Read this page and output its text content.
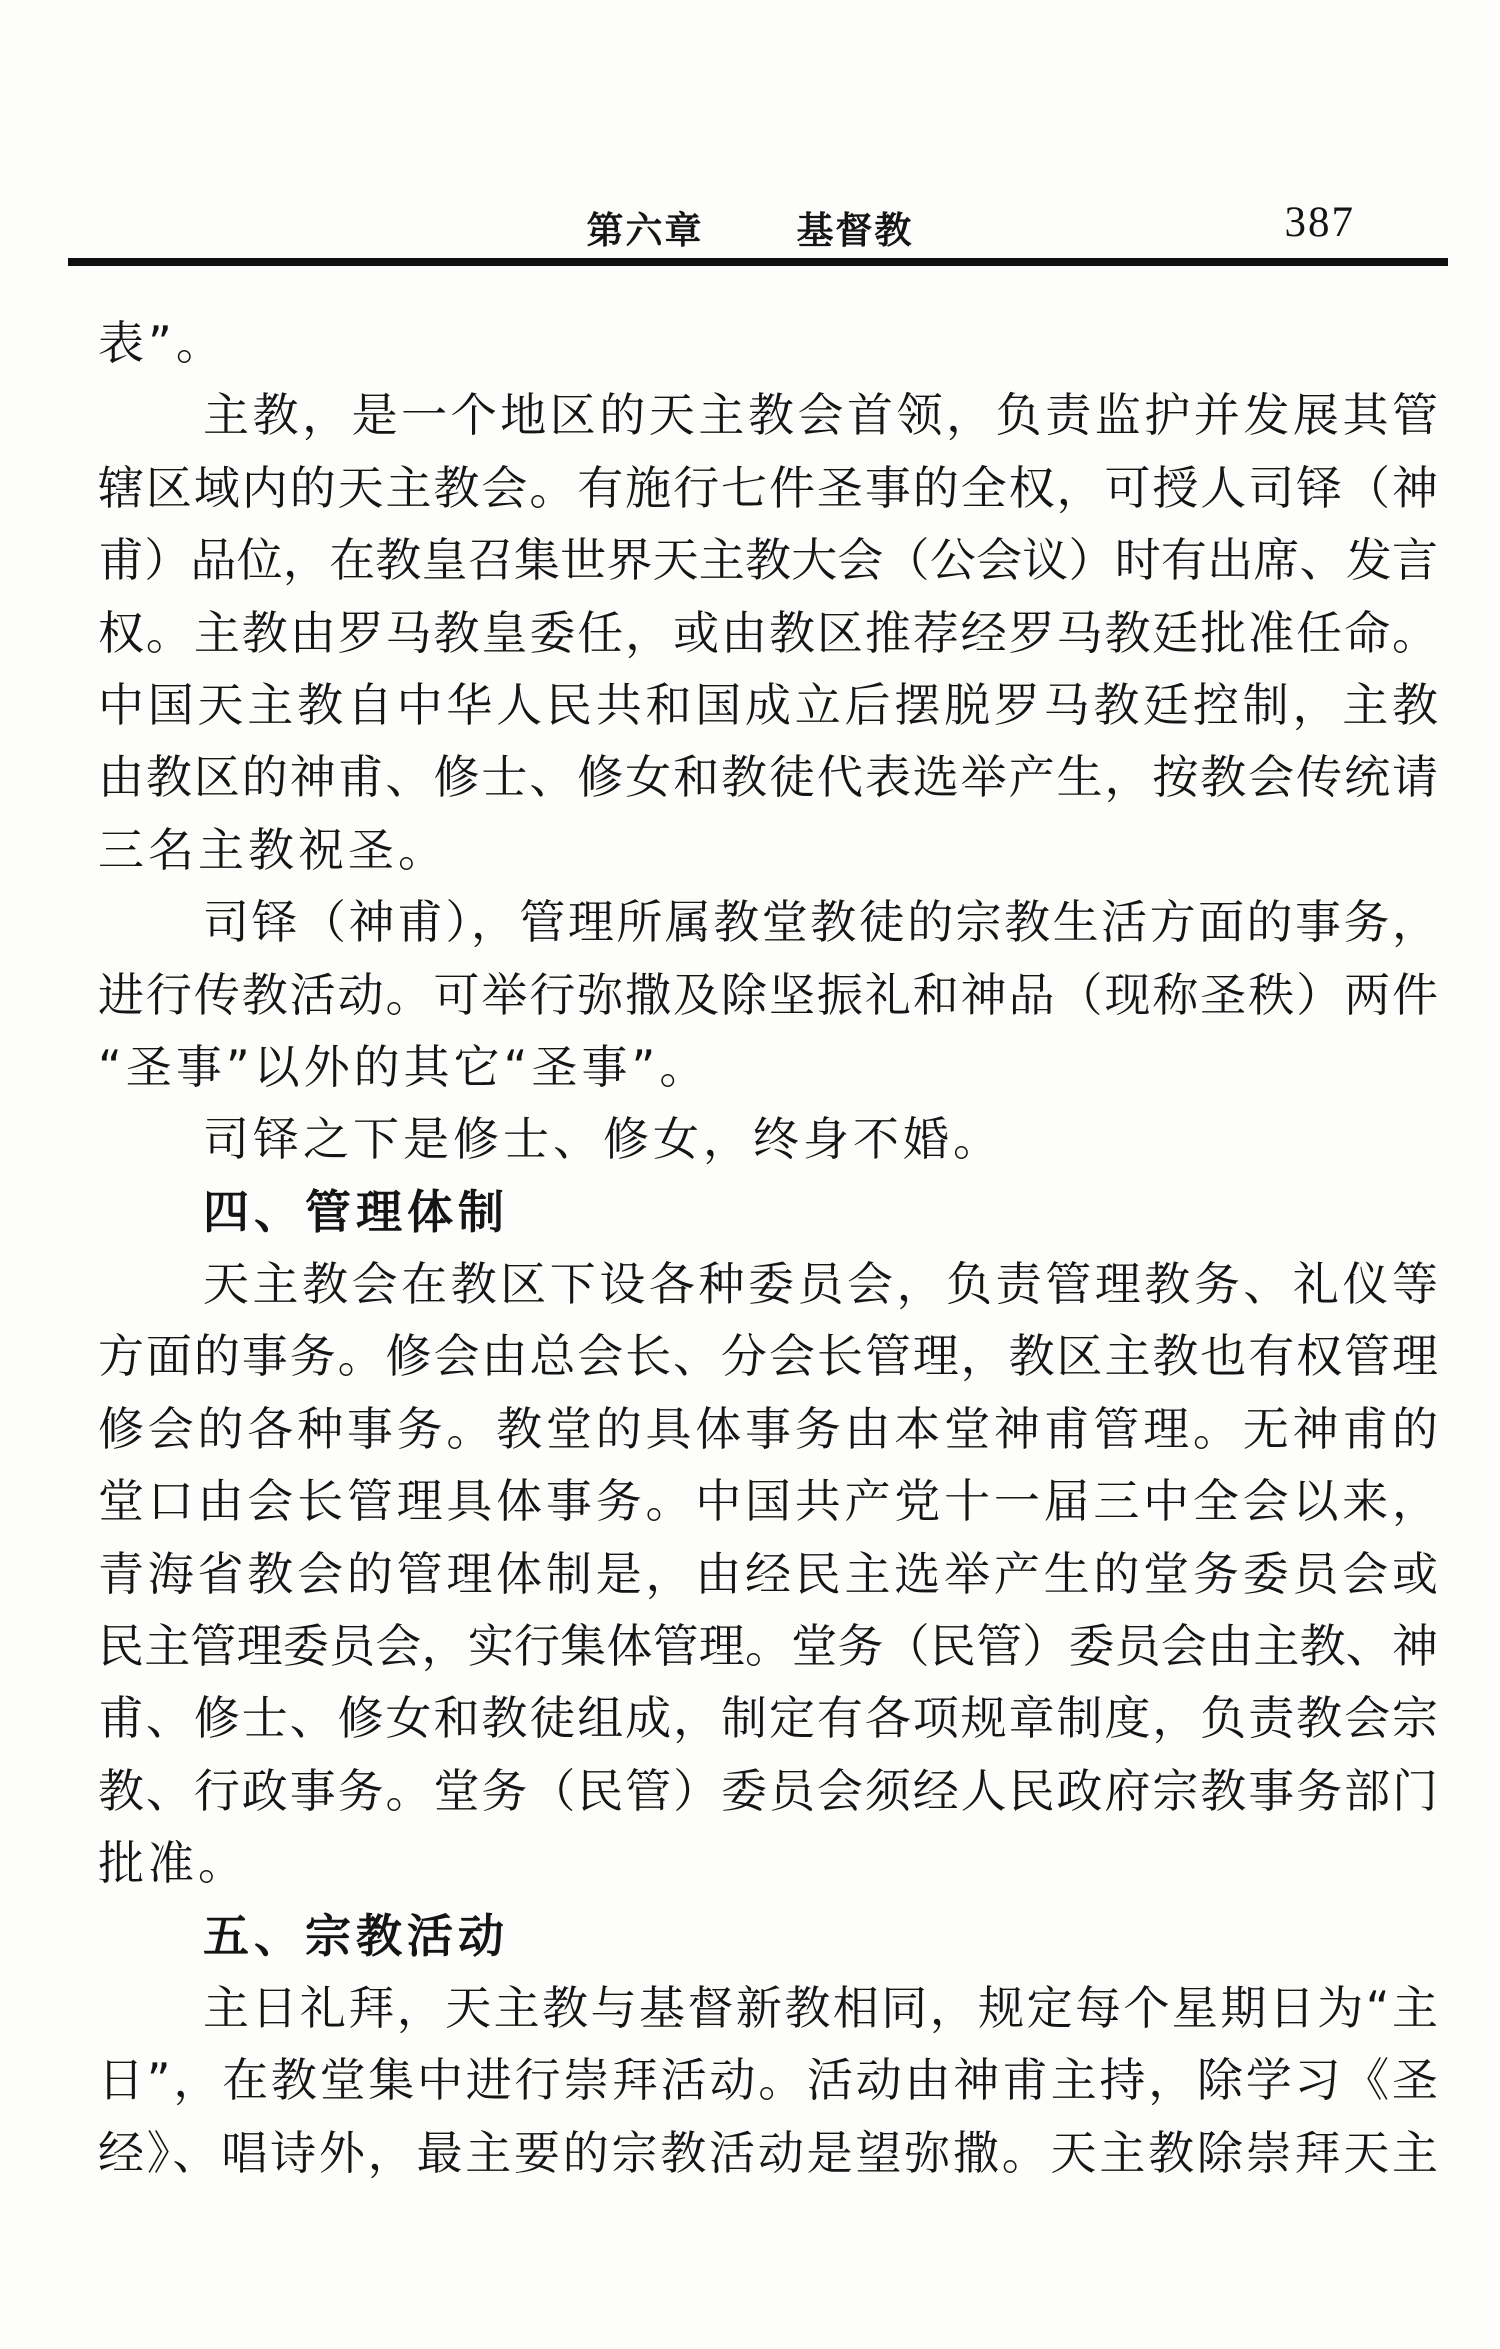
第六章	基督教	387
表”。
主教，是一个地区的天主教会首领，负责监护并发展其管
辖区域内的天主教会。有施行七件圣事的全权，可授人司铎（神
甫）品位，在教皇召集世界天主教大会（公会议）时有出席、发言
权。主教由罗马教皇委任，或由教区推荐经罗马教廷批准任命。
中国天主教自中华人民共和国成立后摆脱罗马教廷控制，主教
由教区的神甫、修士、修女和教徒代表选举产生，按教会传统请
三名主教祝圣。
司铎（神甫），管理所属教堂教徒的宗教生活方面的事务，
进行传教活动。可举行弥撒及除坚振礼和神品（现称圣秩）两件
“圣事”以外的其它“圣事”。
司铎之下是修士、修女，终身不婚。
四、管理体制
天主教会在教区下设各种委员会，负责管理教务、礼仪等
方面的事务。修会由总会长、分会长管理，教区主教也有权管理
修会的各种事务。教堂的具体事务由本堂神甫管理。无神甫的
堂口由会长管理具体事务。中国共产党十一届三中全会以来，
青海省教会的管理体制是，由经民主选举产生的堂务委员会或
民主管理委员会，实行集体管理。堂务（民管）委员会由主教、神
甫、修士、修女和教徒组成，制定有各项规章制度，负责教会宗
教、行政事务。堂务（民管）委员会须经人民政府宗教事务部门
批准。
五、宗教活动
主日礼拜，天主教与基督新教相同，规定每个星期日为“主
日”，在教堂集中进行崇拜活动。活动由神甫主持，除学习《圣
经》、唱诗外，最主要的宗教活动是望弥撒。天主教除崇拜天主
